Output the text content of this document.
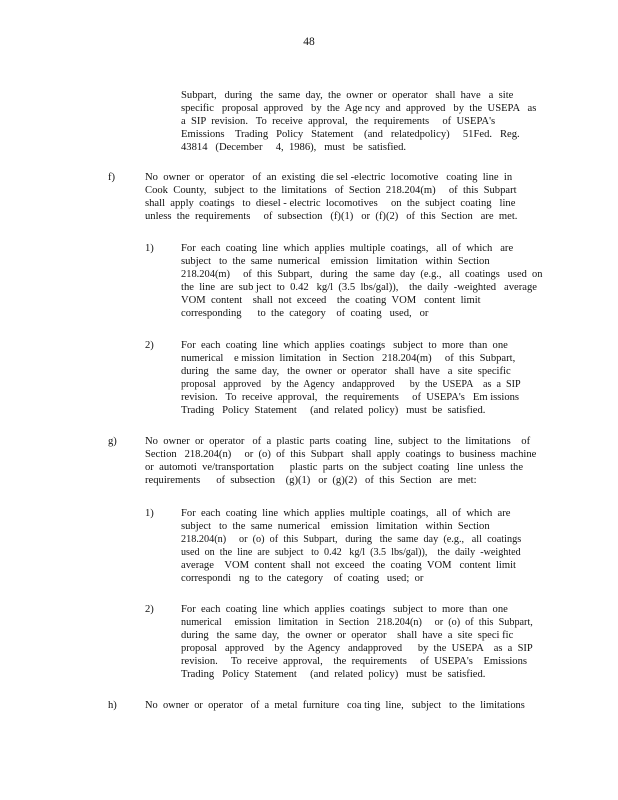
48
Subpart,   during   the  same  day,  the  owner  or  operator   shall  have   a  site
specific   proposal  approved   by  the  Age ncy  and  approved   by  the  USEPA   as
a  SIP  revision.   To  receive  approval,   the  requirements     of  USEPA's
Emissions    Trading   Policy   Statement    (and   relatedpolicy)     51Fed.   Reg.
43814   (December     4,  1986),   must   be  satisfied.
f)	No  owner  or  operator   of  an  existing  die sel -electric  locomotive   coating  line  in
Cook  County,   subject  to  the  limitations   of  Section  218.204(m)     of  this  Subpart
shall  apply  coatings   to  diesel - electric  locomotives     on  the  subject  coating   line
unless  the  requirements     of  subsection   (f)(1)   or  (f)(2)   of  this  Section   are  met.
1)	For  each  coating  line  which  applies  multiple  coatings,   all  of  which   are
subject   to  the  same  numerical    emission   limitation   within  Section
218.204(m)     of  this  Subpart,   during   the  same  day  (e.g.,   all  coatings   used  on
the  line  are  sub ject  to  0.42   kg/l  (3.5  lbs/gal)),    the  daily  -weighted   average
VOM  content    shall  not  exceed    the  coating  VOM   content  limit
corresponding      to  the  category    of  coating   used,   or
2)	For  each  coating  line  which  applies  coatings   subject  to  more  than  one
numerical    e mission  limitation   in  Section   218.204(m)     of  this  Subpart,
during   the  same  day,   the  owner  or  operator   shall  have   a  site  specific
proposal   approved    by  the  Agency   andapproved      by  the  USEPA    as  a  SIP
revision.   To  receive  approval,   the  requirements     of  USEPA's   Em issions
Trading   Policy  Statement     (and  related  policy)   must  be  satisfied.
g)	No  owner  or  operator   of  a  plastic  parts  coating   line,  subject  to  the  limitations    of
Section   218.204(n)     or  (o)  of  this  Subpart   shall  apply  coatings  to  business  machine
or  automoti  ve/transportation      plastic  parts  on  the  subject  coating   line  unless  the
requirements      of  subsection    (g)(1)   or  (g)(2)   of  this  Section   are  met:
1)	For  each  coating  line  which  applies  multiple  coatings,   all  of  which  are
subject   to  the  same  numerical    emission   limitation   within  Section
218.204(n)     or  (o)  of  this  Subpart,   during   the  same  day  (e.g.,   all  coatings
used  on  the  line  are  subject   to  0.42   kg/l  (3.5  lbs/gal)),    the  daily  -weighted
average    VOM  content  shall  not  exceed   the  coating  VOM   content  limit
correspondi   ng  to  the  category    of  coating   used;  or
2)	For  each  coating  line  which  applies  coatings   subject  to  more  than  one
numerical     emission   limitation   in  Section   218.204(n)     or  (o)  of  this  Subpart,
during   the  same  day,   the  owner  or  operator    shall  have  a  site  speci fic
proposal   approved    by  the  Agency   andapproved      by  the  USEPA    as  a  SIP
revision.     To  receive  approval,    the  requirements     of  USEPA's    Emissions
Trading   Policy  Statement     (and  related  policy)   must  be  satisfied.
h)	No  owner  or  operator   of  a  metal  furniture   coa ting  line,   subject   to  the  limitations
